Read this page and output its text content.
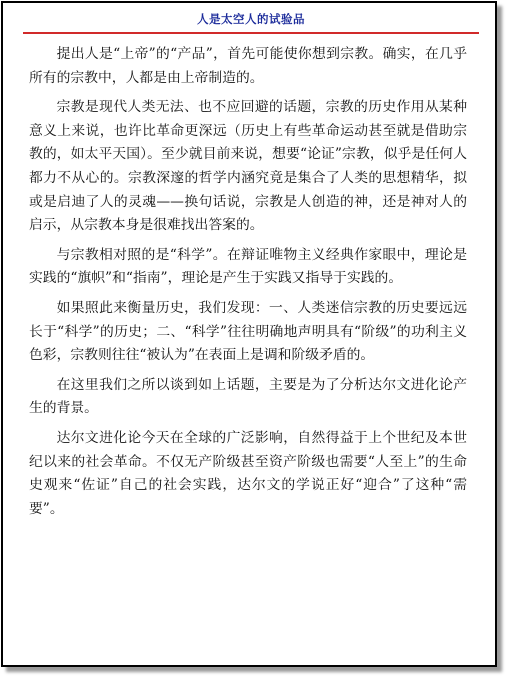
人是太空人的试验品

提出人是“上帝”的“产品”，首先可能使你想到宗教。确实，在几乎所有的宗教中，人都是由上帝制造的。

宗教是现代人类无法、也不应回避的话题，宗教的历史作用从某种意义上来说，也许比革命更深远（历史上有些革命运动甚至就是借助宗教的，如太平天国）。至少就目前来说，想要“论证”宗教，似乎是任何人都力不从心的。宗教深邃的哲学内涵究竟是集合了人类的思想精华，拟或是启迪了人的灵魂——换句话说，宗教是人创造的神，还是神对人的启示，从宗教本身是很难找出答案的。

与宗教相对照的是“科学”。在辩证唯物主义经典作家眼中，理论是实践的“旗帜”和“指南”，理论是产生于实践又指导于实践的。

如果照此来衡量历史，我们发现：一、人类迷信宗教的历史要远远长于“科学”的历史；二、“科学”往往明确地声明具有“阶级”的功利主义色彩，宗教则往往“被认为”在表面上是调和阶级矛盾的。

在这里我们之所以谈到如上话题，主要是为了分析达尔文进化论产生的背景。

达尔文进化论今天在全球的广泛影响，自然得益于上个世纪及本世纪以来的社会革命。不仅无产阶级甚至资产阶级也需要“人至上”的生命史观来“佐证”自己的社会实践，达尔文的学说正好“迎合”了这种“需要”。
